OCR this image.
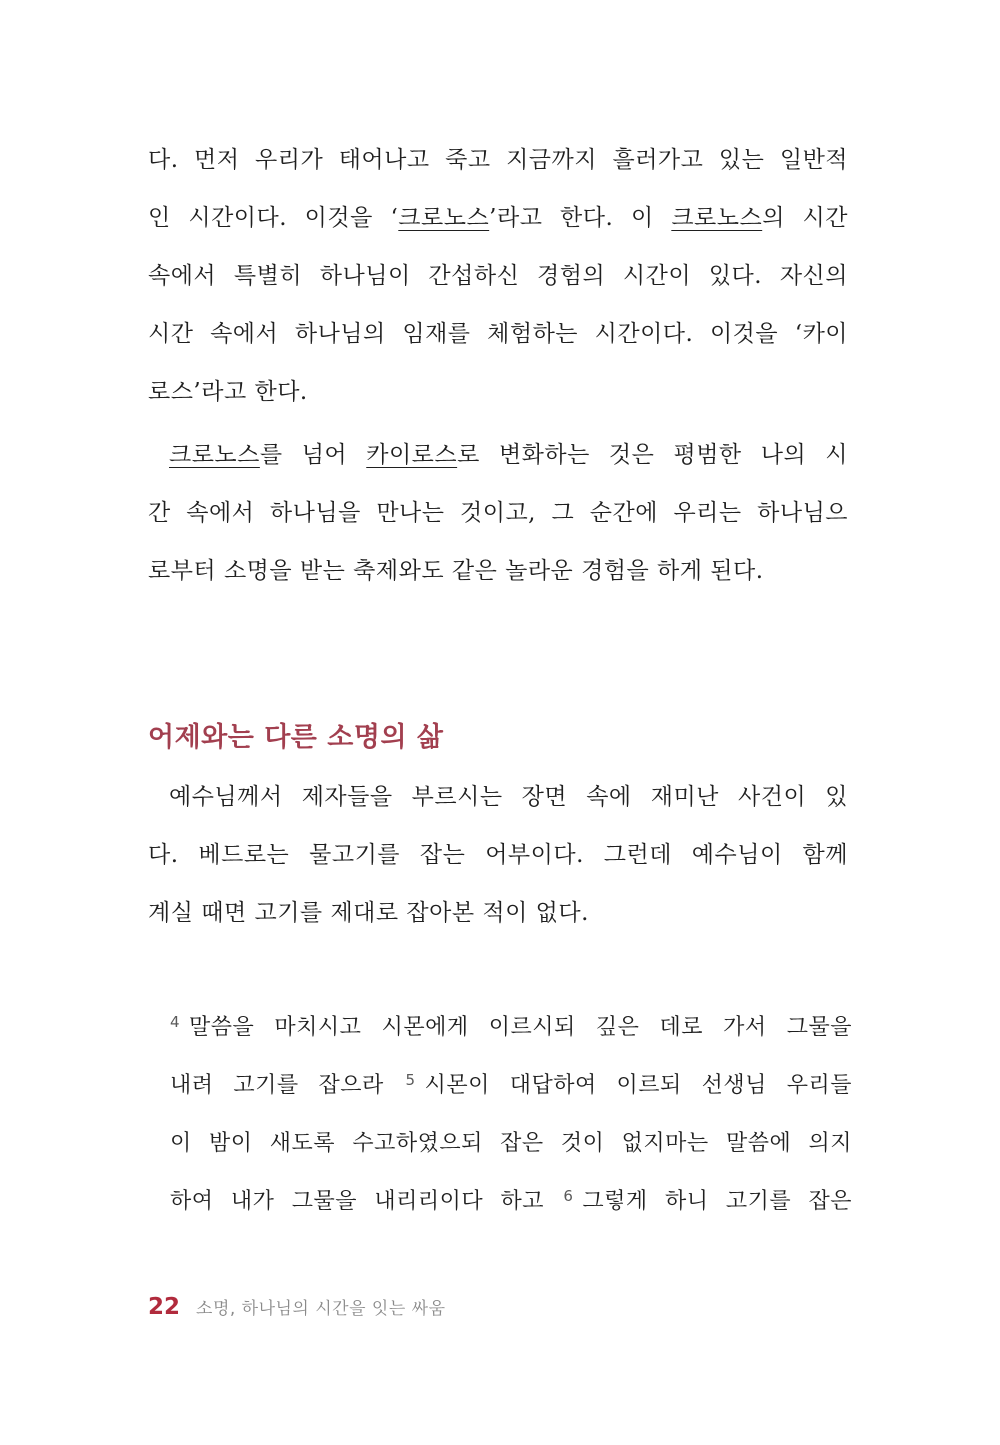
다. 먼저 우리가 태어나고 죽고 지금까지 흘러가고 있는 일반적
인 시간이다. 이것을 ‘크로노스’라고 한다. 이 크로노스의 시간
속에서 특별히 하나님이 간섭하신 경험의 시간이 있다. 자신의
시간 속에서 하나님의 임재를 체험하는 시간이다. 이것을 ‘카이
로스’라고 한다.
크로노스를 넘어 카이로스로 변화하는 것은 평범한 나의 시
간 속에서 하나님을 만나는 것이고, 그 순간에 우리는 하나님으
로부터 소명을 받는 축제와도 같은 놀라운 경험을 하게 된다.
어제와는 다른 소명의 삶
예수님께서 제자들을 부르시는 장면 속에 재미난 사건이 있
다. 베드로는 물고기를 잡는 어부이다. 그런데 예수님이 함께
계실 때면 고기를 제대로 잡아본 적이 없다.
$^4$ 말씀을 마치시고 시몬에게 이르시되 깊은 데로 가서 그물을
내려 고기를 잡으라 $^5$ 시몬이 대답하여 이르되 선생님 우리들
이 밤이 새도록 수고하였으되 잡은 것이 없지마는 말씀에 의지
하여 내가 그물을 내리리이다 하고 $^6$ 그렇게 하니 고기를 잡은
22 소명, 하나님의 시간을 잇는 싸움
